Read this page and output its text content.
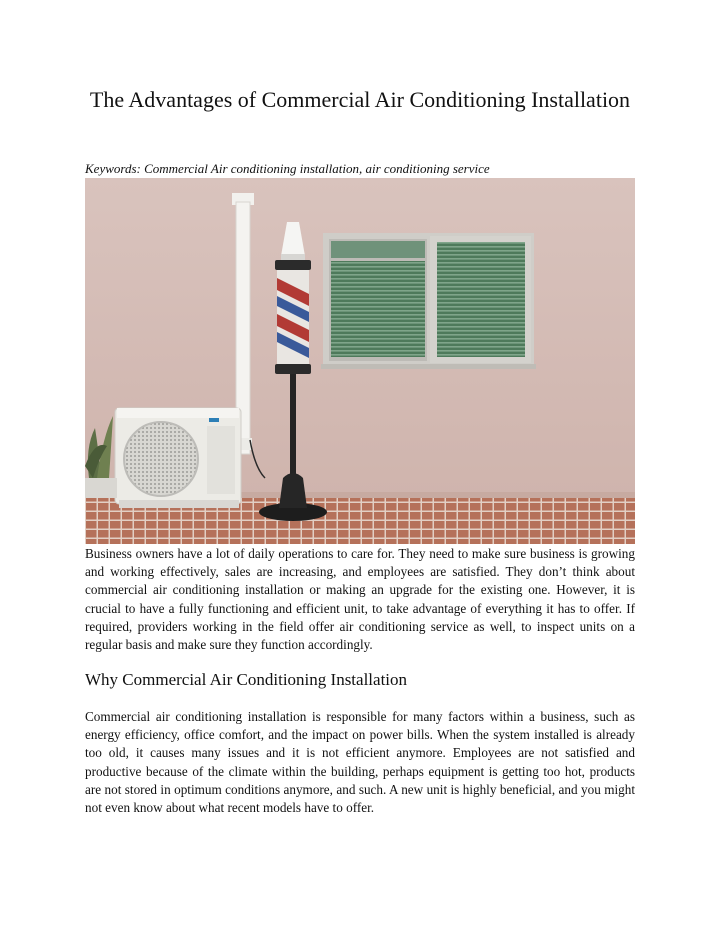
The Advantages of Commercial Air Conditioning Installation

Keywords: Commercial Air conditioning installation, air conditioning service

Business owners have a lot of daily operations to care for. They need to make sure business is growing and working effectively, sales are increasing, and employees are satisfied. They don’t think about commercial air conditioning installation or making an upgrade for the existing one. However, it is crucial to have a fully functioning and efficient unit, to take advantage of everything it has to offer. If required, providers working in the field offer air conditioning service as well, to inspect units on a regular basis and make sure they function accordingly.

Why Commercial Air Conditioning Installation

Commercial air conditioning installation is responsible for many factors within a business, such as energy efficiency, office comfort, and the impact on power bills. When the system installed is already too old, it causes many issues and it is not efficient anymore. Employees are not satisfied and productive because of the climate within the building, perhaps equipment is getting too hot, products are not stored in optimum conditions anymore, and such. A new unit is highly beneficial, and you might not even know about what recent models have to offer.
